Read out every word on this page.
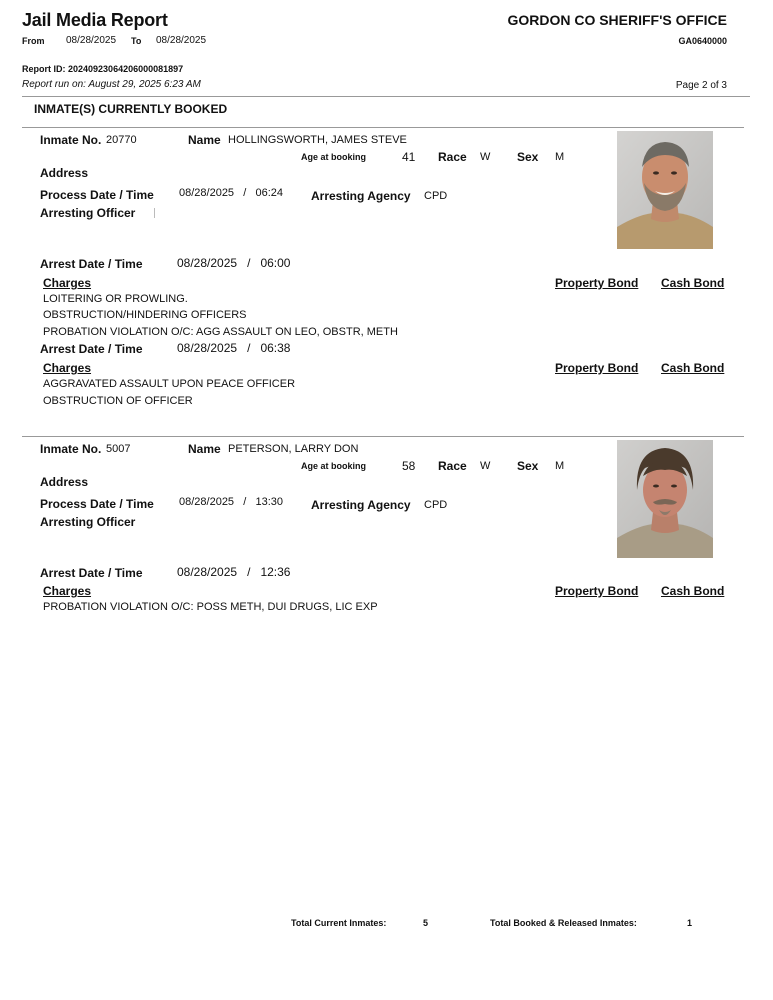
Jail Media Report	GORDON CO SHERIFF'S OFFICE
From 08/28/2025 To 08/28/2025	GA0640000
Report ID: 20240923064206000081897
Report run on: August 29, 2025 6:23 AM	Page 2 of 3
INMATE(S) CURRENTLY BOOKED
Inmate No. 20770	Name HOLLINGSWORTH, JAMES STEVE
Age at booking	41 Race W Sex M
Address
Process Date / Time 08/28/2025 / 06:24 Arresting Agency CPD
Arresting Officer
Arrest Date / Time	08/28/2025 / 06:00
Charges	Property Bond Cash Bond
LOITERING OR PROWLING.
OBSTRUCTION/HINDERING OFFICERS
PROBATION VIOLATION O/C: AGG ASSAULT ON LEO, OBSTR, METH
Arrest Date / Time	08/28/2025 / 06:38
Charges	Property Bond Cash Bond
AGGRAVATED ASSAULT UPON PEACE OFFICER
OBSTRUCTION OF OFFICER
Inmate No. 5007	Name PETERSON, LARRY DON
Age at booking	58 Race W Sex M
Address
Process Date / Time 08/28/2025 / 13:30 Arresting Agency CPD
Arresting Officer
Arrest Date / Time	08/28/2025 / 12:36
Charges	Property Bond Cash Bond
PROBATION VIOLATION O/C: POSS METH, DUI DRUGS, LIC EXP
Total Current Inmates:	5	Total Booked & Released Inmates:	1
